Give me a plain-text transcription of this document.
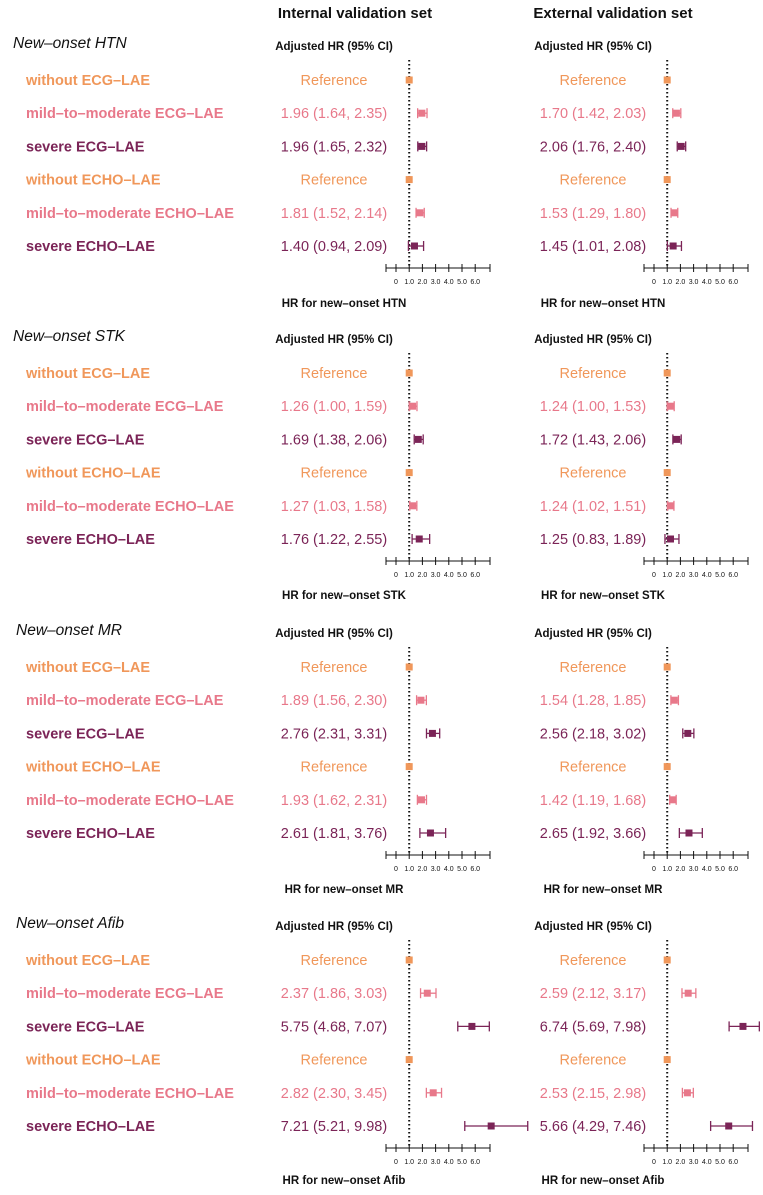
Internal validation set	External validation set
New–onset HTN
without ECG–LAE
mild–to–moderate ECG–LAE
severe ECG–LAE
without ECHO–LAE
mild–to–moderate ECHO–LAE
severe ECHO–LAE
Adjusted HR (95% CI)
Reference
1.96 (1.64, 2.35)
1.96 (1.65, 2.32)
Reference
1.81 (1.52, 2.14)
1.40 (0.94, 2.09)
0 1.0 2.0 3.0 4.0 5.0 6.0
HR for new–onset HTN
Adjusted HR (95% CI)
Reference
1.70 (1.42, 2.03)
2.06 (1.76, 2.40)
Reference
1.53 (1.29, 1.80)
1.45 (1.01, 2.08)
0 1.0 2.0 3.0 4.0 5.0 6.0
HR for new–onset HTN
New–onset STK
without ECG–LAE
mild–to–moderate ECG–LAE
severe ECG–LAE
without ECHO–LAE
mild–to–moderate ECHO–LAE
severe ECHO–LAE
Adjusted HR (95% CI)
Reference
1.26 (1.00, 1.59)
1.69 (1.38, 2.06)
Reference
1.27 (1.03, 1.58)
1.76 (1.22, 2.55)
0 1.0 2.0 3.0 4.0 5.0 6.0
HR for new–onset STK
Adjusted HR (95% CI)
Reference
1.24 (1.00, 1.53)
1.72 (1.43, 2.06)
Reference
1.24 (1.02, 1.51)
1.25 (0.83, 1.89)
0 1.0 2.0 3.0 4.0 5.0 6.0
HR for new–onset STK
New–onset MR
without ECG–LAE
mild–to–moderate ECG–LAE
severe ECG–LAE
without ECHO–LAE
mild–to–moderate ECHO–LAE
severe ECHO–LAE
Adjusted HR (95% CI)
Reference
1.89 (1.56, 2.30)
2.76 (2.31, 3.31)
Reference
1.93 (1.62, 2.31)
2.61 (1.81, 3.76)
0 1.0 2.0 3.0 4.0 5.0 6.0
HR for new–onset MR
Adjusted HR (95% CI)
Reference
1.54 (1.28, 1.85)
2.56 (2.18, 3.02)
Reference
1.42 (1.19, 1.68)
2.65 (1.92, 3.66)
0 1.0 2.0 3.0 4.0 5.0 6.0
HR for new–onset MR
New–onset Afib
without ECG–LAE
mild–to–moderate ECG–LAE
severe ECG–LAE
without ECHO–LAE
mild–to–moderate ECHO–LAE
severe ECHO–LAE
Adjusted HR (95% CI)
Reference
2.37 (1.86, 3.03)
5.75 (4.68, 7.07)
Reference
2.82 (2.30, 3.45)
7.21 (5.21, 9.98)
0 1.0 2.0 3.0 4.0 5.0 6.0
HR for new–onset Afib
Adjusted HR (95% CI)
Reference
2.59 (2.12, 3.17)
6.74 (5.69, 7.98)
Reference
2.53 (2.15, 2.98)
5.66 (4.29, 7.46)
0 1.0 2.0 3.0 4.0 5.0 6.0
HR for new–onset Afib
